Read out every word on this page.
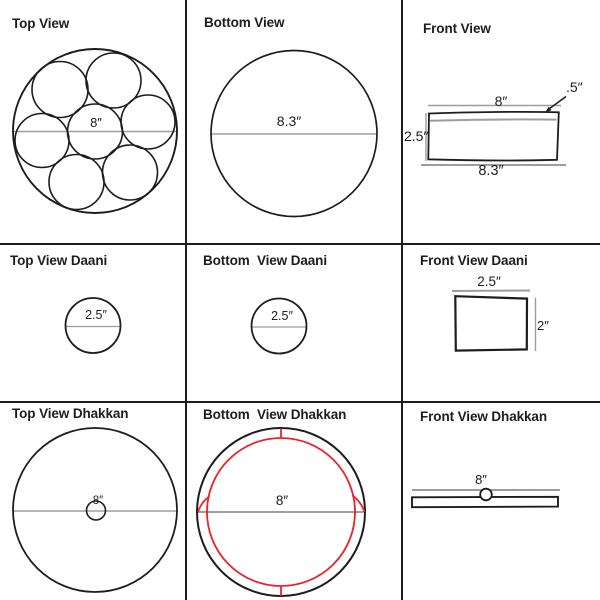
Top View	Bottom View	Front View
Top View Daani	Bottom  View Daani	Front View Daani
Top View Dhakkan	Bottom  View Dhakkan	Front View Dhakkan
8″	8.3″
8″
.5″
2.5″
8.3″
2.5″	2.5″
2.5″
2″
8″	8″
8″
